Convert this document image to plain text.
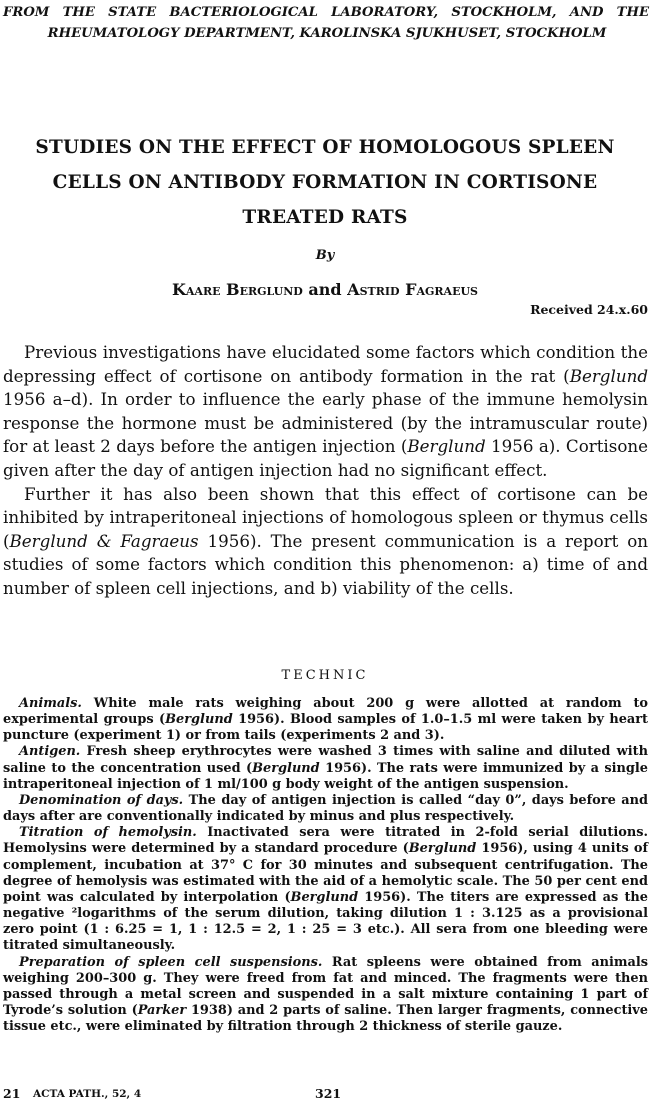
FROM THE STATE BACTERIOLOGICAL LABORATORY, STOCKHOLM, AND THE
RHEUMATOLOGY DEPARTMENT, KAROLINSKA SJUKHUSET, STOCKHOLM
STUDIES ON THE EFFECT OF HOMOLOGOUS SPLEEN
CELLS ON ANTIBODY FORMATION IN CORTISONE
TREATED RATS
By
Kaare Berglund and Astrid Fagraeus
Received 24.x.60

Previous investigations have elucidated some factors which condition the depressing effect of cortisone on antibody formation in the rat (Berglund 1956 a–d). In order to influence the early phase of the immune hemolysin response the hormone must be administered (by the intramuscular route) for at least 2 days before the antigen injection (Berglund 1956 a). Cortisone given after the day of antigen injection had no significant effect.

Further it has also been shown that this effect of cortisone can be inhibited by intraperitoneal injections of homologous spleen or thymus cells (Berglund & Fagraeus 1956). The present communication is a report on studies of some factors which condition this phenomenon: a) time of and number of spleen cell injections, and b) viability of the cells.

TECHNIC

Animals. White male rats weighing about 200 g were allotted at random to experimental groups (Berglund 1956). Blood samples of 1.0–1.5 ml were taken by heart puncture (experiment 1) or from tails (experiments 2 and 3).

Antigen. Fresh sheep erythrocytes were washed 3 times with saline and diluted with saline to the concentration used (Berglund 1956). The rats were immunized by a single intraperitoneal injection of 1 ml/100 g body weight of the antigen suspension.

Denomination of days. The day of antigen injection is called “day 0”, days before and days after are conventionally indicated by minus and plus respectively.

Titration of hemolysin. Inactivated sera were titrated in 2-fold serial dilutions. Hemolysins were determined by a standard procedure (Berglund 1956), using 4 units of complement, incubation at 37° C for 30 minutes and subsequent centrifugation. The degree of hemolysis was estimated with the aid of a hemolytic scale. The 50 per cent end point was calculated by interpolation (Berglund 1956). The titers are expressed as the negative ²logarithms of the serum dilution, taking dilution 1 : 3.125 as a provisional zero point (1 : 6.25 = 1, 1 : 12.5 = 2, 1 : 25 = 3 etc.). All sera from one bleeding were titrated simultaneously.

Preparation of spleen cell suspensions. Rat spleens were obtained from animals weighing 200–300 g. They were freed from fat and minced. The fragments were then passed through a metal screen and suspended in a salt mixture containing 1 part of Tyrode’s solution (Parker 1938) and 2 parts of saline. Then larger fragments, connective tissue etc., were eliminated by filtration through 2 thickness of sterile gauze.

21 ACTA PATH., 52, 4	321
